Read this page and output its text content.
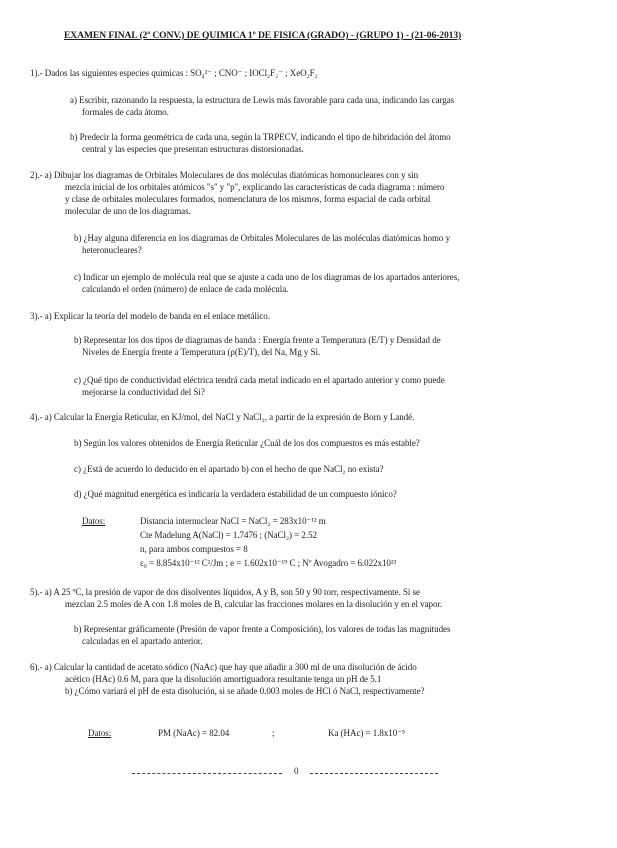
EXAMEN FINAL (2ª CONV.) DE QUIMICA 1º DE FISICA (GRADO) - (GRUPO 1) - (21-06-2013)
1).- Dados las siguientes especies químicas : SO₄²⁻ ; CNO⁻ ; IOCl₂F₂⁻ ; XeO₂F₂
a) Escribir, razonando la respuesta, la estructura de Lewis más favorable para cada una, indicando las cargas
formales de cada átomo.
b) Predecir la forma geométrica de cada una, según la TRPECV, indicando el tipo de hibridación del átomo
central y las especies que presentan estructuras distorsionadas.
2).- a) Dibujar los diagramas de Orbitales Moleculares de dos moléculas diatómicas homonucleares con y sin
mezcla inicial de los orbitales atómicos "s" y "p", explicando las características de cada diagrama : número
y clase de orbitales moleculares formados, nomenclatura de los mismos, forma espacial de cada orbital
molecular de uno de los diagramas.
b) ¿Hay alguna diferencia en los diagramas de Orbitales Moleculares de las moléculas diatómicas homo y
heteronucleares?
c) Indicar un ejemplo de molécula real que se ajuste a cada uno de los diagramas de los apartados anteriores,
calculando el orden (número) de enlace de cada molécula.
3).- a) Explicar la teoría del modelo de banda en el enlace metálico.
b) Representar los dos tipos de diagramas de banda : Energía frente a Temperatura (E/T) y Densidad de
Niveles de Energía frente a Temperatura (ρ(E)/T), del Na, Mg y Si.
c) ¿Qué tipo de conductividad eléctrica tendrá cada metal indicado en el apartado anterior y como puede
mejorarse la conductividad del Si?
4).- a) Calcular la Energía Reticular, en KJ/mol, del NaCl y NaCl₂, a partir de la expresión de Born y Landé.
b) Según los valores obtenidos de Energía Reticular ¿Cuál de los dos compuestos es más estable?
c) ¿Está de acuerdo lo deducido en el apartado b) con el hecho de que NaCl₂ no exista?
d) ¿Qué magnitud energética es indicaría la verdadera estabilidad de un compuesto iónico?
Datos:	Distancia internuclear NaCl = NaCl₂ = 283x10⁻¹² m
Cte Madelung A(NaCl) = 1.7476 ; (NaCl₂) = 2.52
n, para ambos compuestos = 8
ε₀ = 8.854x10⁻¹² C²/Jm ; e = 1.602x10⁻¹⁹ C ; Nº Avogadro = 6.022x10²³
5).- a) A 25 ºC, la presión de vapor de dos disolventes líquidos, A y B, son 50 y 90 torr, respectivamente. Si se
mezclan 2.5 moles de A con 1.8 moles de B, calcular las fracciones molares en la disolución y en el vapor.
b) Representar gráficamente (Presión de vapor frente a Composición), los valores de todas las magnitudes
calculadas en el apartado anterior.
6).- a) Calcular la cantidad de acetato sódico (NaAc) que hay que añadir a 300 ml de una disolución de ácido
acético (HAc) 0.6 M, para que la disolución amortiguadora resultante tenga un pH de 5.1
b) ¿Cómo variará el pH de esta disolución, si se añade 0.003 moles de HCl ó NaCl, respectivamente?
Datos:	PM (NaAc) = 82.04	;	Ka (HAc) = 1.8x10⁻⁵
0
